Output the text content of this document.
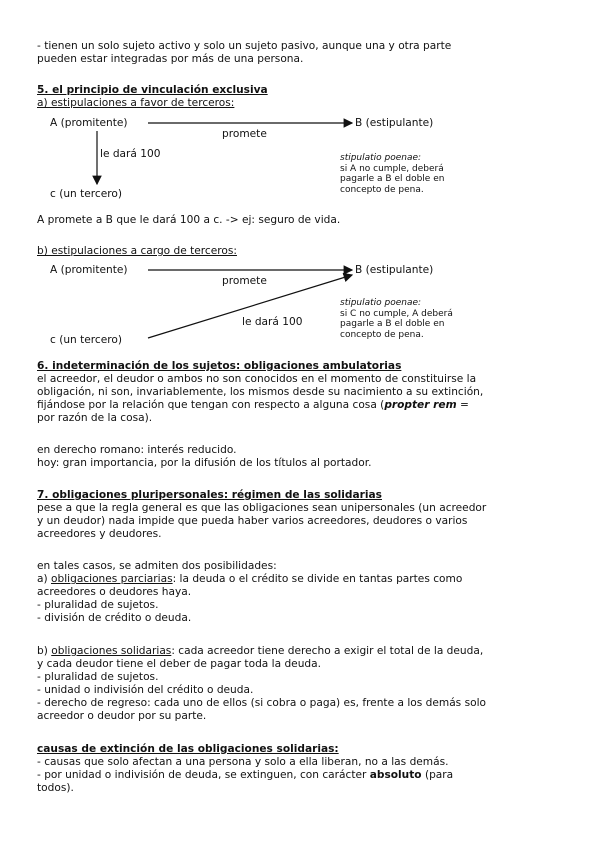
- tienen un solo sujeto activo y solo un sujeto pasivo, aunque una y otra parte
pueden estar integradas por más de una persona.
5. el principio de vinculación exclusiva
a) estipulaciones a favor de terceros:
A (promitente)	B (estipulante)
promete
le dará 100
c (un tercero)
stipulatio poenae:
si A no cumple, deberá
pagarle a B el doble en
concepto de pena.
A promete a B que le dará 100 a c. -> ej: seguro de vida.
b) estipulaciones a cargo de terceros:
A (promitente)	B (estipulante)
promete
le dará 100
c (un tercero)
stipulatio poenae:
si C no cumple, A deberá
pagarle a B el doble en
concepto de pena.
6. indeterminación de los sujetos: obligaciones ambulatorias
el acreedor, el deudor o ambos no son conocidos en el momento de constituirse la
obligación, ni son, invariablemente, los mismos desde su nacimiento a su extinción,
fijándose por la relación que tengan con respecto a alguna cosa (propter rem =
por razón de la cosa).
en derecho romano: interés reducido.
hoy: gran importancia, por la difusión de los títulos al portador.
7. obligaciones pluripersonales: régimen de las solidarias
pese a que la regla general es que las obligaciones sean unipersonales (un acreedor
y un deudor) nada impide que pueda haber varios acreedores, deudores o varios
acreedores y deudores.
en tales casos, se admiten dos posibilidades:
a) obligaciones parciarias: la deuda o el crédito se divide en tantas partes como
acreedores o deudores haya.
- pluralidad de sujetos.
- división de crédito o deuda.
b) obligaciones solidarias: cada acreedor tiene derecho a exigir el total de la deuda,
y cada deudor tiene el deber de pagar toda la deuda.
- pluralidad de sujetos.
- unidad o indivisión del crédito o deuda.
- derecho de regreso: cada uno de ellos (si cobra o paga) es, frente a los demás solo
acreedor o deudor por su parte.
causas de extinción de las obligaciones solidarias:
- causas que solo afectan a una persona y solo a ella liberan, no a las demás.
- por unidad o indivisión de deuda, se extinguen, con carácter absoluto (para
todos).
